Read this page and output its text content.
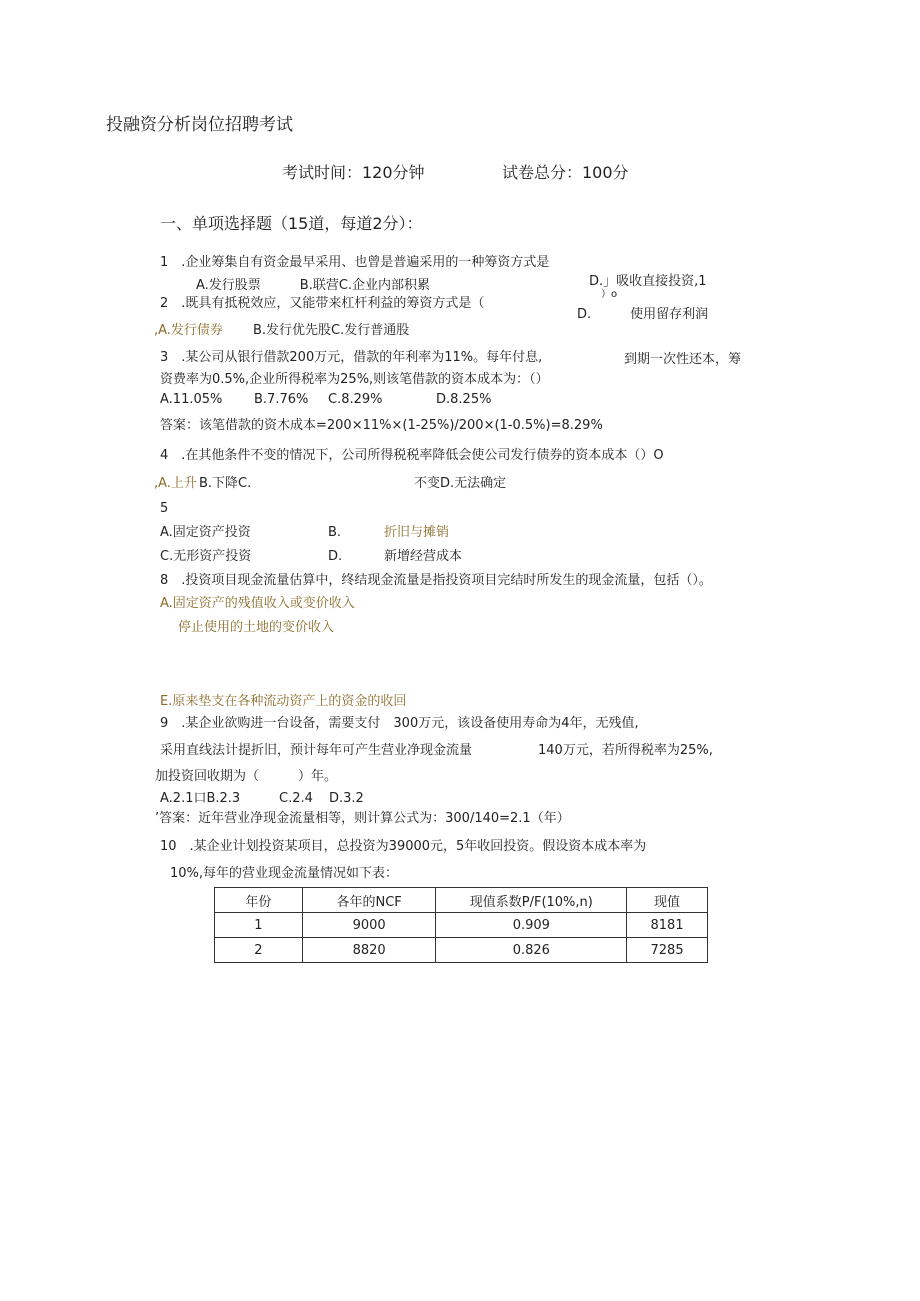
投融资分析岗位招聘考试
考试时间：120分钟	试卷总分：100分
一、单项选择题（15道，每道2分）：
1　.企业筹集自有资金最早采用、也曾是普遍采用的一种筹资方式是
D.」吸收直接投资,1
A.发行股票　　　B.联营C.企业内部积累
）o
2　.既具有抵税效应，又能带来杠杆利益的筹资方式是（
D.　　　使用留存利润
,A.发行债券 B.发行优先股C.发行普通股
3　.某公司从银行借款200万元，借款的年利率为11%。每年付息,	到期一次性还本，筹
资费率为0.5%,企业所得税率为25%,则该笔借款的资本成本为：（）
A.11.05% B.7.76% C.8.29%	D.8.25%
答案：该笔借款的资木成本=200×11%×(1-25%)/200×(1-0.5%)=8.29%
4　.在其他条件不变的情况下，公司所得税税率降低会使公司发行债券的资本成本（）O
,A.上升 B.下降C.	不变D.无法确定
5
A.固定资产投资	B.	折旧与摊销
C.无形资产投资	D.	新增经营成本
8　.投资项目现金流量估算中，终结现金流量是指投资项目完结时所发生的现金流量，包括（）。
A.固定资产的残值收入或变价收入
停止使用的土地的变价收入
E.原来垫支在各种流动资产上的资金的收回
9　.某企业欲购进一台设备，需要支付　300万元，该设备使用寿命为4年，无残值,
采用直线法计提折旧，预计每年可产生营业净现金流量	140万元，若所得税率为25%,
加投资回收期为（　　　）年。
A.2.1口B.2.3	C.2.4 D.3.2
’答案：近年营业净现金流量相等，则计算公式为：300/140=2.1（年）
10　.某企业计划投资某项目，总投资为39000元，5年收回投资。假设资本成本率为
10%,每年的营业现金流量情况如下表：
年份	各年的NCF	现值系数P/F(10%,n)	现值
1	9000	0.909	8181
2	8820	0.826	7285
